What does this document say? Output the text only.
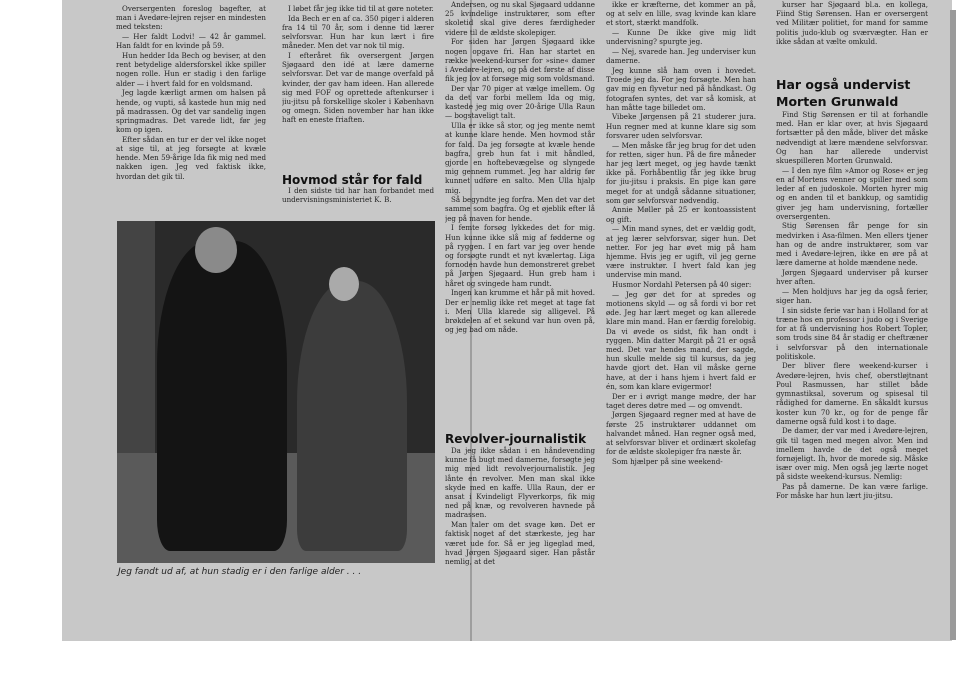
Oversergenten foreslog bagefter, at man i Avedøre-lejren rejser en mindesten med teksten:

— Her faldt Lodvi! — 42 år gammel. Han faldt for en kvinde på 59.

Hun hedder Ida Bech og beviser, at den rent betydelige aldersforskel ikke spiller nogen rolle. Hun er stadig i den farlige alder — i hvert fald for en voldsmand.

Jeg lagde kærligt armen om halsen på hende, og vupti, så kastede hun mig ned på madrassen. Og det var sandelig ingen springmadras. Det varede lidt, før jeg kom op igen.

Efter sådan en tur er der vel ikke noget at sige til, at jeg forsøgte at kvæle hende. Men 59-årige Ida fik mig ned med nakken igen. Jeg ved faktisk ikke, hvordan det gik til.

I løbet får jeg ikke tid til at gøre noteter.

Ida Bech er en af ca. 350 piger i alderen fra 14 til 70 år, som i denne tid lærer selvforsvar. Hun har kun lært i fire måneder. Men det var nok til mig.

I efteråret fik oversergent Jørgen Sjøgaard den idé at lære damerne selvforsvar. Det var de mange overfald på kvinder, der gav ham ideen. Han allerede sig med FOF og oprettede aftenkurser i jiu-jitsu på forskellige skoler i København og omegn. Siden november har han ikke haft en eneste friaften.

Hovmod står for fald

I den sidste tid har han forbandet med undervisningsministeriet K. B.

Jeg fandt ud af, at hun stadig er i den farlige alder . . .

Andersen, og nu skal Sjøgaard uddanne 25 kvindelige instruktører, som efter skoletid skal give deres færdigheder videre til de ældste skolepiger.

For siden har Jørgen Sjøgaard ikke nogen opgave fri. Han har startet en række weekend-kurser for »sine« damer i Avedøre-lejren, og på det første af disse fik jeg lov at forsøge mig som voldsmand.

Der var 70 piger at vælge imellem. Og da det var forbi mellem Ida og mig, kastede jeg mig over 20-årige Ulla Raun — bogstaveligt talt.

Ulla er ikke så stor, og jeg mente nemt at kunne klare hende. Men hovmod står for fald. Da jeg forsøgte at kvæle hende bagfra, greb hun fat i mit håndled, gjorde en hoftebevægelse og slyngede mig gennem rummet. Jeg har aldrig før kunnet udføre en salto. Men Ulla hjalp mig.

Så begyndte jeg forfra. Men det var det samme som bagfra. Og et øjeblik efter lå jeg på maven for hende.

I femte forsøg lykkedes det for mig. Hun kunne ikke slå mig af fødderne og på ryggen. I en fart var jeg over hende og forsøgte rundt et nyt kvælertag. Liga fornoden havde hun demonstreret grebet på Jørgen Sjøgaard. Hun greb ham i håret og svingede ham rundt.

Ingen kan krumme et hår på mit hoved. Der er nemlig ikke ret meget at tage fat i. Men Ulla klarede sig alligevel. På brøkdelen af et sekund var hun oven på, og jeg bad om nåde.

Revolver-journalistik

Da jeg ikke sådan i en håndevending kunne få bugt med damerne, forsøgte jeg mig med lidt revolverjournalistik. Jeg lånte en revolver. Men man skal ikke skyde med en kaffe. Ulla Raun, der er ansat i Kvindeligt Flyverkorps, fik mig ned på knæ, og revolveren havnede på madrassen.

Man taler om det svage køn. Det er faktisk noget af det stærkeste, jeg har været ude for. Så er jeg ligeglad med, hvad Jørgen Sjøgaard siger. Han påstår nemlig, at det

ikke er kræfterne, det kommer an på, og at selv en lille, svag kvinde kan klare et stort, stærkt mandfolk.

— Kunne De ikke give mig lidt undervisning? spurgte jeg.

— Nej, svarede han. Jeg underviser kun damerne.

Jeg kunne slå ham oven i hovedet. Troede jeg da. For jeg forsøgte. Men han gav mig en flyvetur ned på håndkast. Og fotografen syntes, det var så komisk, at han måtte tage billedet om.

Vibeke Jørgensen på 21 studerer jura. Hun regner med at kunne klare sig som forsvarer uden selvforsvar.

— Men måske får jeg brug for det uden for retten, siger hun. På de fire måneder har jeg lært meget, og jeg havde tænkt ikke på. Forhåbentlig får jeg ikke brug for jiu-jitsu i praksis. En pige kan gøre meget for at undgå sådanne situationer, som gør selvforsvar nødvendig.

Annie Møller på 25 er kontoassistent og gift.

— Min mand synes, det er vældig godt, at jeg lærer selvforsvar, siger hun. Det netter. For jeg har øvet mig på ham hjemme. Hvis jeg er ugift, vil jeg gerne være instruktør. I hvert fald kan jeg undervise min mand.

Husmor Nordahl Petersen på 40 siger:

— Jeg gør det for at spredes og motionens skyld — og så fordi vi bor ret øde. Jeg har lært meget og kan allerede klare min mand. Han er færdig forelobig. Da vi øvede os sidst, fik han ondt i ryggen. Min datter Margit på 21 er også med. Det var hendes mand, der sagde, hun skulle melde sig til kursus, da jeg havde gjort det. Han vil måske gerne have, at der i hans hjem i hvert fald er én, som kan klare evigermor!

Der er i øvrigt mange mødre, der har taget deres døtre med — og omvendt.

Jørgen Sjøgaard regner med at have de første 25 instruktører uddannet om halvandet måned. Han regner også med, at selvforsvar bliver et ordinært skolefag for de ældste skolepiger fra næste år.

Som hjælper på sine weekend-

kurser har Sjøgaard bl.a. en kollega, Fiind Stig Sørensen. Han er oversergent ved Militær politiet, for mand for samme politis judo-klub og sværvægter. Han er ikke sådan at vælte omkuld.

Har også undervist Morten Grunwald

Find Stig Sørensen er til at forhandle med. Han er klar over, at hvis Sjøgaard fortsætter på den måde, bliver det måske nødvendigt at lære mændene selvforsvar. Og han har allerede undervist skuespilleren Morten Grunwald.

— I den nye film »Amor og Rose« er jeg en af Mortens venner og spiller med som leder af en judoskole. Morten hyrer mig og en anden til et bankkup, og samtidig giver jeg ham undervisning, fortæller oversergenten.

Stig Sørensen får penge for sin medvirken i Asa-filmen. Men ellers tjener han og de andre instruktører, som var med i Avedøre-lejren, ikke en øre på at lære damerne at holde mændene nede.

Jørgen Sjøgaard underviser på kurser hver aften.

— Men holdjuvs har jeg da også ferier, siger han.

I sin sidste ferie var han i Holland for at træne hos en professor i judo og i Sverige for at få undervisning hos Robert Topler, som trods sine 84 år stadig er cheftræner i selvforsvar på den internationale politiskole.

Der bliver flere weekend-kurser i Avedøre-lejren, hvis chef, oberstløjtnant Poul Rasmussen, har stillet både gymnastiksal, soverum og spisesal til rådighed for damerne. En såkaldt kursus koster kun 70 kr., og for de penge får damerne også fuld kost i to dage.

De damer, der var med i Avedøre-lejren, gik til tagen med megen alvor. Men ind imellem havde de det også meget fornøjeligt. Ih, hvor de morede sig. Måske især over mig. Men også jeg lærte noget på sidste weekend-kursus. Nemlig:

Pas på damerne. De kan være farlige. For måske har hun lært jiu-jitsu.
